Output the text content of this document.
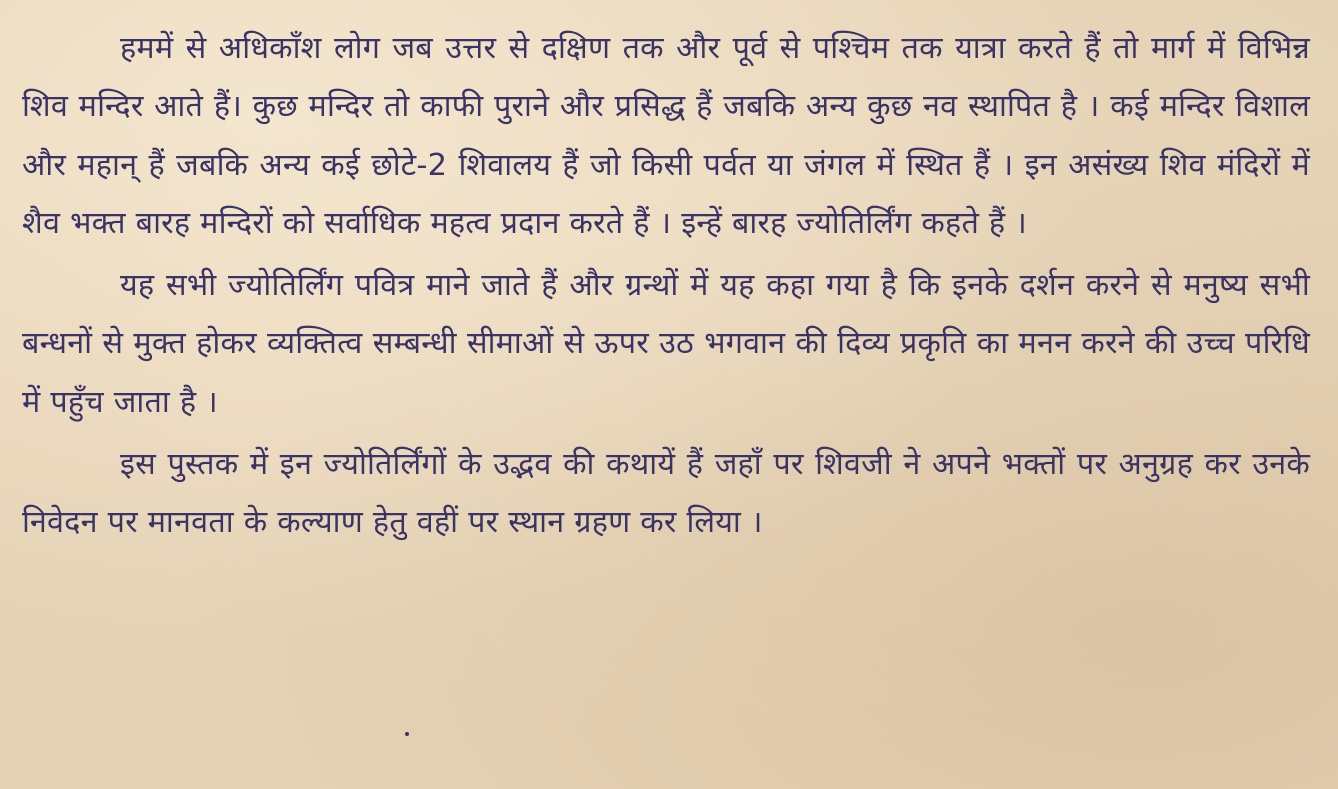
हममें से अधिकाँश लोग जब उत्तर से दक्षिण तक और पूर्व से पश्चिम तक यात्रा करते हैं तो मार्ग में विभिन्न शिव मन्दिर आते हैं। कुछ मन्दिर तो काफी पुराने और प्रसिद्ध हैं जबकि अन्य कुछ नव स्थापित है । कई मन्दिर विशाल और महान् हैं जबकि अन्य कई छोटे-2 शिवालय हैं जो किसी पर्वत या जंगल में स्थित हैं । इन असंख्य शिव मंदिरों में शैव भक्त बारह मन्दिरों को सर्वाधिक महत्व प्रदान करते हैं । इन्हें बारह ज्योतिर्लिंग कहते हैं ।

यह सभी ज्योतिर्लिंग पवित्र माने जाते हैं और ग्रन्थों में यह कहा गया है कि इनके दर्शन करने से मनुष्य सभी बन्धनों से मुक्त होकर व्यक्तित्व सम्बन्धी सीमाओं से ऊपर उठ भगवान की दिव्य प्रकृति का मनन करने की उच्च परिधि में पहुँच जाता है ।

इस पुस्तक में इन ज्योतिर्लिंगों के उद्भव की कथायें हैं जहाँ पर शिवजी ने अपने भक्तों पर अनुग्रह कर उनके निवेदन पर मानवता के कल्याण हेतु वहीं पर स्थान ग्रहण कर लिया ।
